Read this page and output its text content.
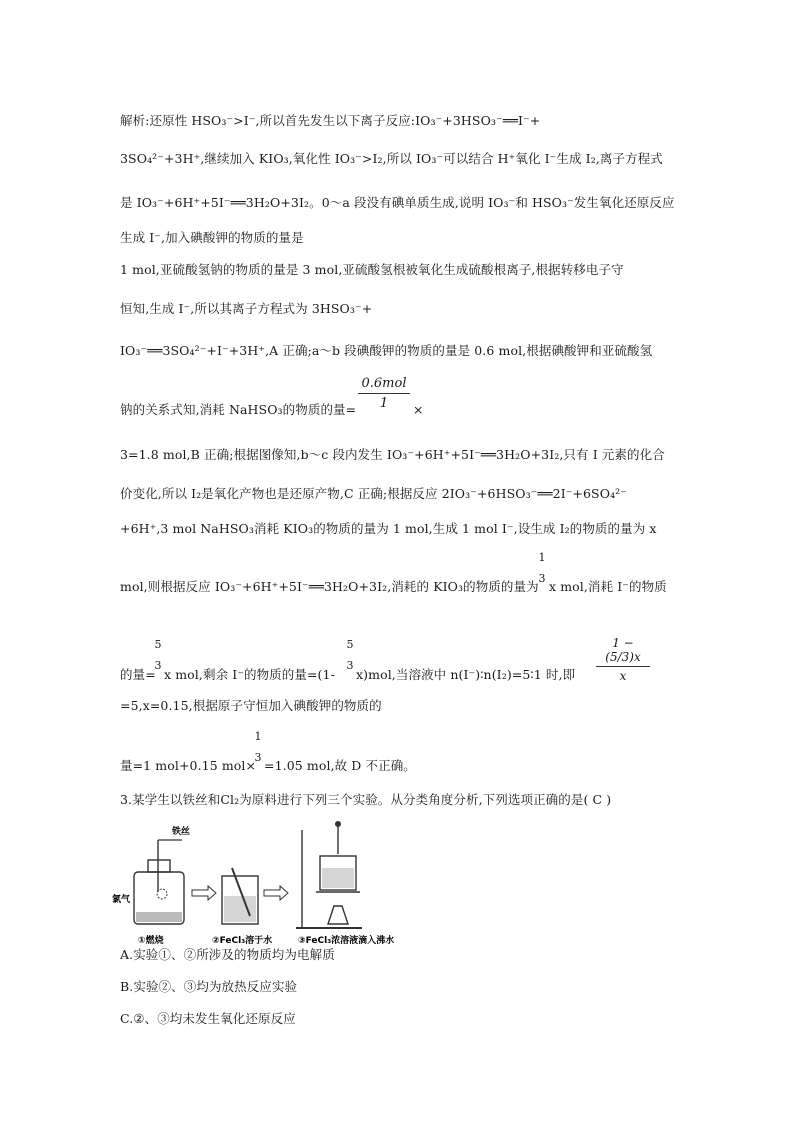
解析:还原性 HSO₃⁻>I⁻,所以首先发生以下离子反应:IO₃⁻+3HSO₃⁻══I⁻+
3SO₄²⁻+3H⁺,继续加入 KIO₃,氧化性 IO₃⁻>I₂,所以 IO₃⁻可以结合 H⁺氧化 I⁻生成 I₂,离子方程式
是 IO₃⁻+6H⁺+5I⁻══3H₂O+3I₂。0～a 段没有碘单质生成,说明 IO₃⁻和 HSO₃⁻发生氧化还原反应
生成 I⁻,加入碘酸钾的物质的量是
1 mol,亚硫酸氢钠的物质的量是 3 mol,亚硫酸氢根被氧化生成硫酸根离子,根据转移电子守
恒知,生成 I⁻,所以其离子方程式为 3HSO₃⁻+
IO₃⁻══3SO₄²⁻+I⁻+3H⁺,A 正确;a～b 段碘酸钾的物质的量是 0.6 mol,根据碘酸钾和亚硫酸氢
钠的关系式知,消耗 NaHSO₃的物质的量=
0.6mol
1	×
3=1.8 mol,B 正确;根据图像知,b～c 段内发生 IO₃⁻+6H⁺+5I⁻══3H₂O+3I₂,只有 I 元素的化合
价变化,所以 I₂是氧化产物也是还原产物,C 正确;根据反应 2IO₃⁻+6HSO₃⁻══2I⁻+6SO₄²⁻
+6H⁺,3 mol NaHSO₃消耗 KIO₃的物质的量为 1 mol,生成 1 mol I⁻,设生成 I₂的物质的量为 x
mol,则根据反应 IO₃⁻+6H⁺+5I⁻══3H₂O+3I₂,消耗的 KIO₃的物质的量为
1
3
x mol,消耗 I⁻的物质
的量=
5
3
x mol,剩余 I⁻的物质的量=(1-
5
3
x)mol,当溶液中 n(I⁻)∶n(I₂)=5∶1 时,即
1 − (5/3)x
x
=5,x=0.15,根据原子守恒加入碘酸钾的物质的
量=1 mol+0.15 mol×
1
3
=1.05 mol,故 D 不正确。
3.某学生以铁丝和Cl₂为原料进行下列三个实验。从分类角度分析,下列选项正确的是( C )
铁丝
氯气
①燃烧	②FeCl₃溶于水	③FeCl₃浓溶液滴入沸水
A.实验①、②所涉及的物质均为电解质
B.实验②、③均为放热反应实验
C.②、③均未发生氧化还原反应
